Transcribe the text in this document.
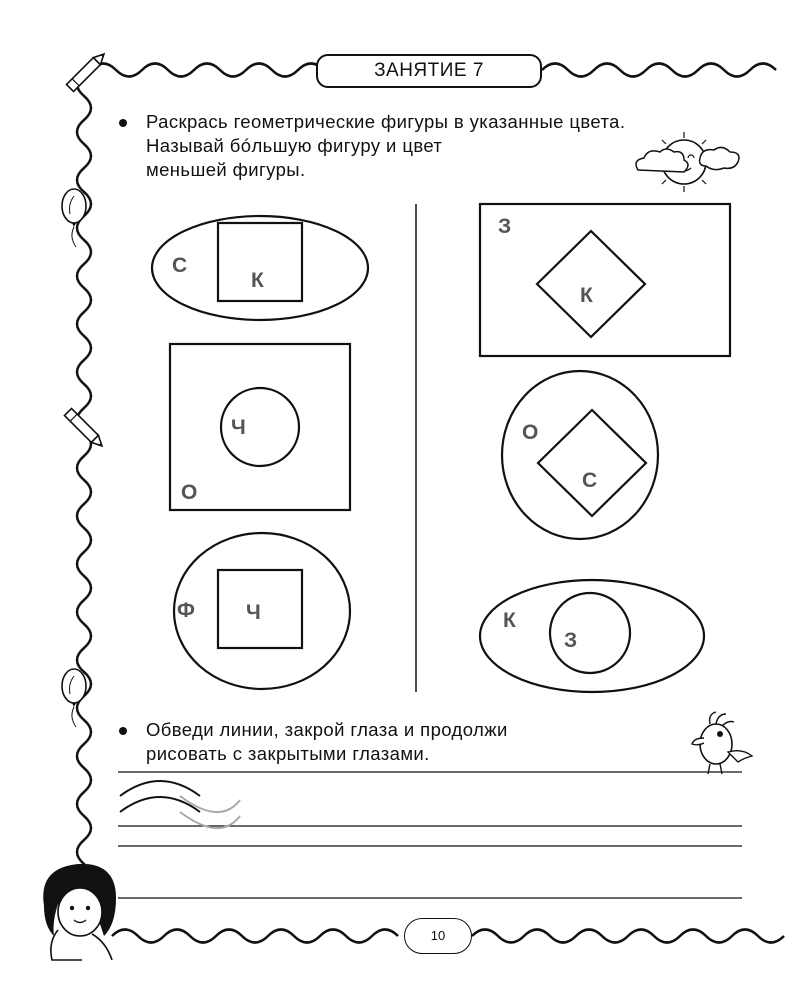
ЗАНЯТИЕ 7
Раскрась геометрические фигуры в указанные цвета.
Называй бóльшую фигуру и цвет
меньшей фигуры.
С
К
Ч
О
Ф Ч
З
К
О
С
К
З
Обведи линии, закрой глаза и продолжи
рисовать с закрытыми глазами.
10
